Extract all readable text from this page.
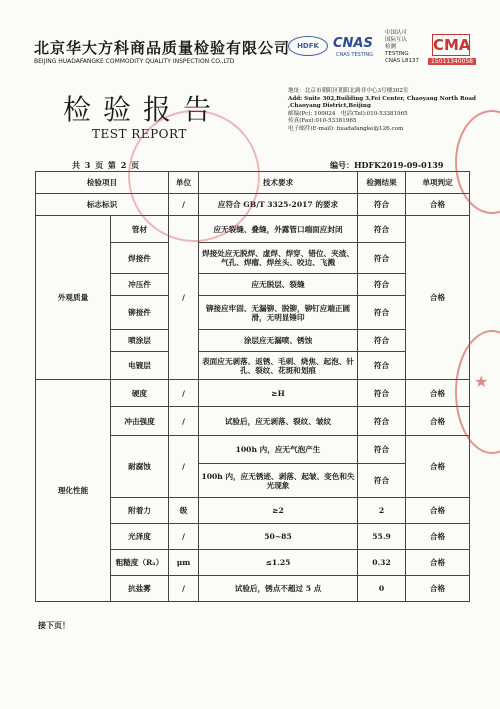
北京华大方科商品质量检验有限公司
BEIJING HUADAFANGKE COMMODITY QUALITY INSPECTION CO.,LTD
HDFK	CNAS
CNAS TESTING
中国认可
国际互认
检测
TESTING
CNAS L8137
CMA
15011340058
检验报告
TEST REPORT
地址：北京市朝阳区朝阳北路非中心3号楼302室
Add: Suite 302,Building 3,Fei Center, Chaoyang North Road ,Chaoyang District,Beijing
邮编(Pc): 100024 电话(Tel):010-53381965
传真(Fax):010-53381965
电子邮件(E-mail): huadafangke@126.com
共 3 页 第 2 页	编号：HDFK2019-09-0139
检验项目		单位	技术要求	检测结果	单项判定
标志标识		/	应符合 GB/T 3325-2017 的要求	符合	合格
外观质量	管材	/	应无裂缝、叠缝，外露管口端面应封闭	符合	合格
	焊接件		焊接处应无脱焊、虚焊、焊穿、错位、夹渣、气孔、焊瘤、焊丝头、咬边、飞溅	符合	
	冲压件		应无脱层、裂缝	符合	
	铆接件		铆接应牢固、无漏铆、脱铆，铆钉应端正圆滑，无明显锤印	符合	
	喷涂层		涂层应无漏喷、锈蚀	符合	
	电镀层		表面应无剥落、返锈、毛刺、烧焦、起泡、针孔、裂纹、花斑和划痕	符合	
理化性能	硬度	/	≥H	符合	合格
	冲击强度	/	试验后，应无剥落、裂纹、皱纹	符合	合格
	耐腐蚀	/	100h 内，应无气泡产生	符合	合格
			100h 内，应无锈迹、剥落、起皱、变色和失光现象	符合	
	附着力	级	≥2	2	合格
	光泽度	/	50~85	55.9	合格
	粗糙度（Rₐ）	μm	≤1.25	0.32	合格
	抗盐雾	/	试验后，锈点不超过 5 点	0	合格
接下页！
★
